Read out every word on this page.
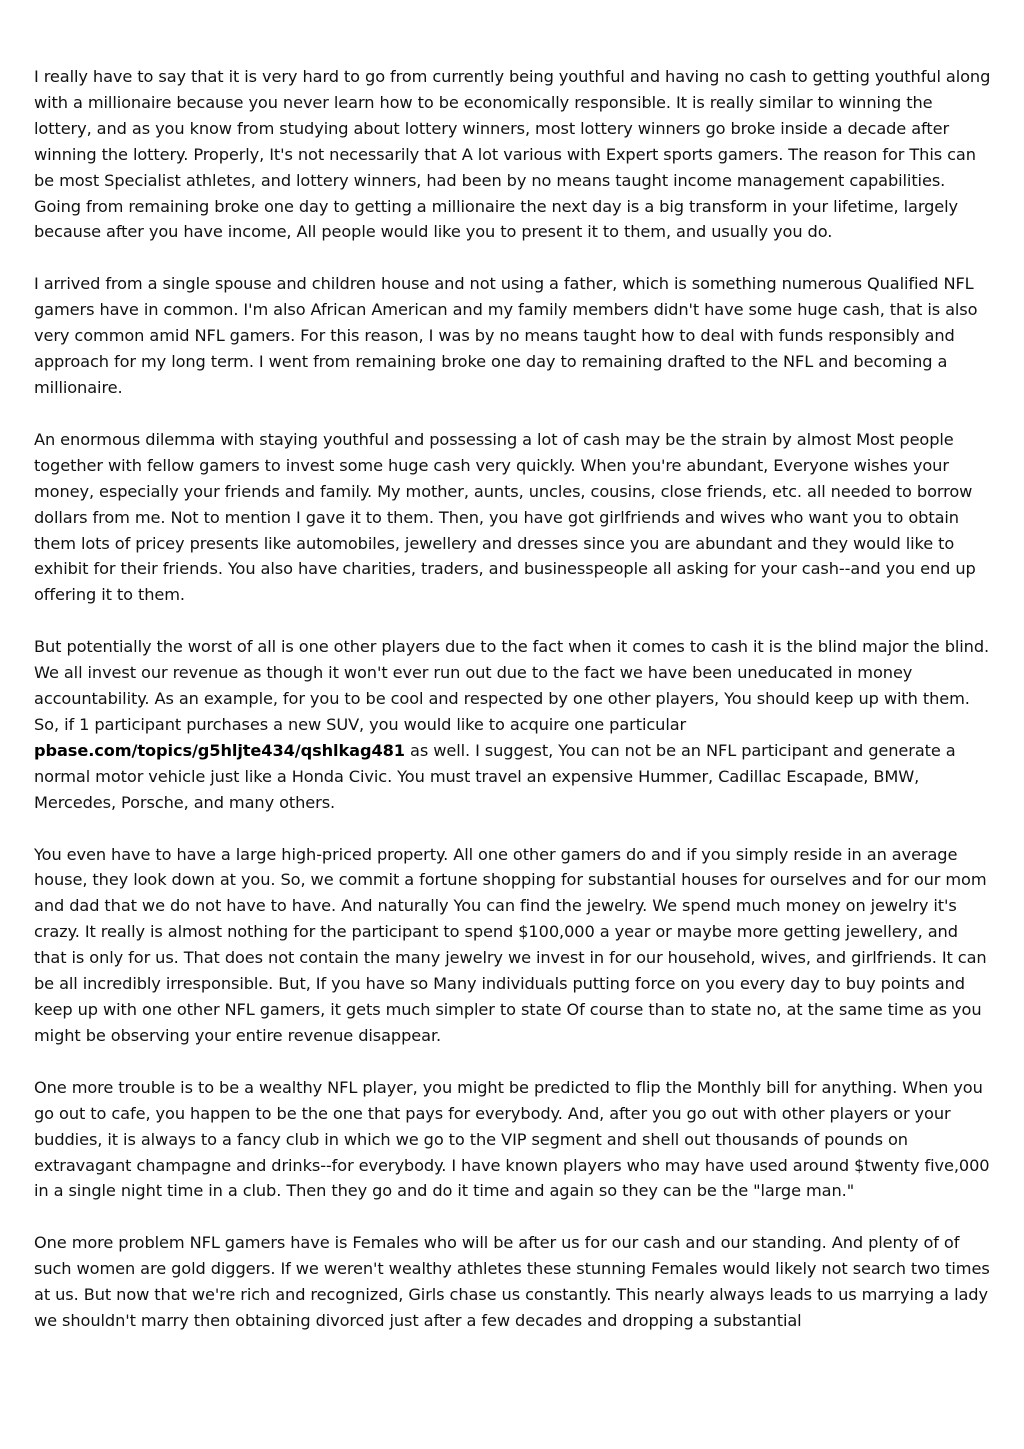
I really have to say that it is very hard to go from currently being youthful and having no cash to getting youthful along with a millionaire because you never learn how to be economically responsible. It is really similar to winning the lottery, and as you know from studying about lottery winners, most lottery winners go broke inside a decade after winning the lottery. Properly, It's not necessarily that A lot various with Expert sports gamers. The reason for This can be most Specialist athletes, and lottery winners, had been by no means taught income management capabilities. Going from remaining broke one day to getting a millionaire the next day is a big transform in your lifetime, largely because after you have income, All people would like you to present it to them, and usually you do.

I arrived from a single spouse and children house and not using a father, which is something numerous Qualified NFL gamers have in common. I'm also African American and my family members didn't have some huge cash, that is also very common amid NFL gamers. For this reason, I was by no means taught how to deal with funds responsibly and approach for my long term. I went from remaining broke one day to remaining drafted to the NFL and becoming a millionaire.

An enormous dilemma with staying youthful and possessing a lot of cash may be the strain by almost Most people together with fellow gamers to invest some huge cash very quickly. When you're abundant, Everyone wishes your money, especially your friends and family. My mother, aunts, uncles, cousins, close friends, etc. all needed to borrow dollars from me. Not to mention I gave it to them. Then, you have got girlfriends and wives who want you to obtain them lots of pricey presents like automobiles, jewellery and dresses since you are abundant and they would like to exhibit for their friends. You also have charities, traders, and businesspeople all asking for your cash--and you end up offering it to them.

But potentially the worst of all is one other players due to the fact when it comes to cash it is the blind major the blind. We all invest our revenue as though it won't ever run out due to the fact we have been uneducated in money accountability. As an example, for you to be cool and respected by one other players, You should keep up with them. So, if 1 participant purchases a new SUV, you would like to acquire one particular pbase.com/topics/g5hljte434/qshlkag481 as well. I suggest, You can not be an NFL participant and generate a normal motor vehicle just like a Honda Civic. You must travel an expensive Hummer, Cadillac Escapade, BMW, Mercedes, Porsche, and many others.

You even have to have a large high-priced property. All one other gamers do and if you simply reside in an average house, they look down at you. So, we commit a fortune shopping for substantial houses for ourselves and for our mom and dad that we do not have to have. And naturally You can find the jewelry. We spend much money on jewelry it's crazy. It really is almost nothing for the participant to spend $100,000 a year or maybe more getting jewellery, and that is only for us. That does not contain the many jewelry we invest in for our household, wives, and girlfriends. It can be all incredibly irresponsible. But, If you have so Many individuals putting force on you every day to buy points and keep up with one other NFL gamers, it gets much simpler to state Of course than to state no, at the same time as you might be observing your entire revenue disappear.

One more trouble is to be a wealthy NFL player, you might be predicted to flip the Monthly bill for anything. When you go out to cafe, you happen to be the one that pays for everybody. And, after you go out with other players or your buddies, it is always to a fancy club in which we go to the VIP segment and shell out thousands of pounds on extravagant champagne and drinks--for everybody. I have known players who may have used around $twenty five,000 in a single night time in a club. Then they go and do it time and again so they can be the "large man."

One more problem NFL gamers have is Females who will be after us for our cash and our standing. And plenty of of such women are gold diggers. If we weren't wealthy athletes these stunning Females would likely not search two times at us. But now that we're rich and recognized, Girls chase us constantly. This nearly always leads to us marrying a lady we shouldn't marry then obtaining divorced just after a few decades and dropping a substantial
